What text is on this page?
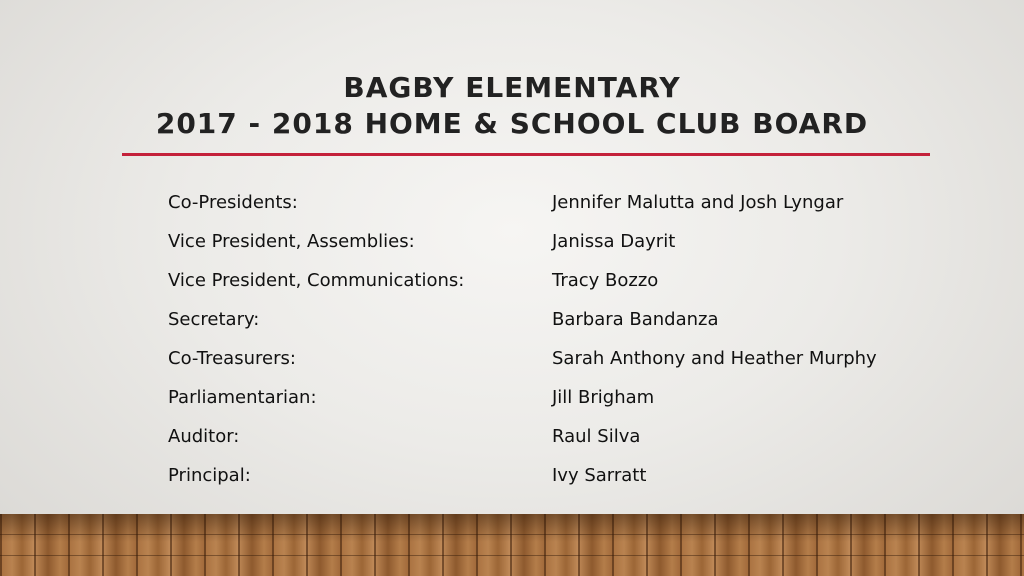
BAGBY ELEMENTARY
2017 - 2018 HOME & SCHOOL CLUB BOARD
Co-Presidents:	Jennifer Malutta and Josh Lyngar
Vice President, Assemblies:	Janissa Dayrit
Vice President, Communications:	Tracy Bozzo
Secretary:	Barbara Bandanza
Co-Treasurers:	Sarah Anthony and Heather Murphy
Parliamentarian:	Jill Brigham
Auditor:	Raul Silva
Principal:	Ivy Sarratt
